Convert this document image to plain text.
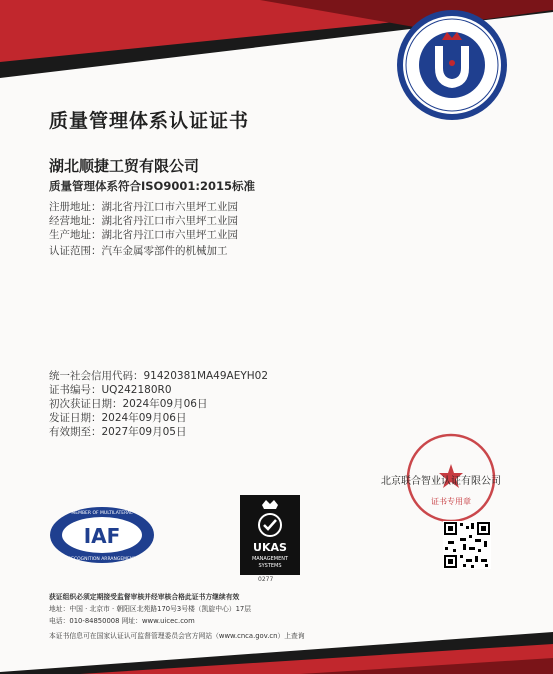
质量管理体系认证证书
湖北顺捷工贸有限公司
质量管理体系符合ISO9001:2015标准
注册地址：湖北省丹江口市六里坪工业园
经营地址：湖北省丹江口市六里坪工业园
生产地址：湖北省丹江口市六里坪工业园
认证范围：汽车金属零部件的机械加工
统一社会信用代码：91420381MA49AEYH02
证书编号：UQ242180R0
初次获证日期：2024年09月06日
发证日期：2024年09月06日
有效期至：2027年09月05日
证书专用章
北京联合智业认证有限公司
IAF
MEMBER OF MULTILATERAL
RECOGNITION ARRANGEMENT
UKAS
MANAGEMENT
SYSTEMS
0277
获证组织必须定期接受监督审核并经审核合格此证书方继续有效
地址：中国 · 北京市 · 朝阳区北苑路170号3号楼（凯旋中心）17层
电话：010-84850008 网址：www.uicec.com
本证书信息可在国家认证认可监督管理委员会官方网站（www.cnca.gov.cn）上查询
